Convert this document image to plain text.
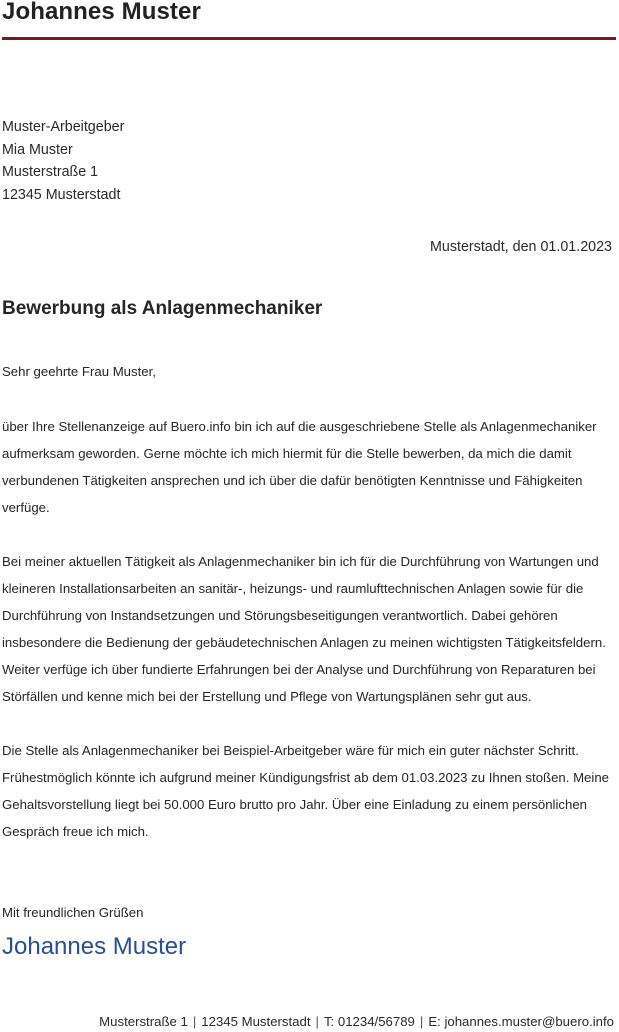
Johannes Muster
Muster-Arbeitgeber
Mia Muster
Musterstraße 1
12345 Musterstadt
Musterstadt, den 01.01.2023
Bewerbung als Anlagenmechaniker
Sehr geehrte Frau Muster,

über Ihre Stellenanzeige auf Buero.info bin ich auf die ausgeschriebene Stelle als Anlagenmechaniker aufmerksam geworden. Gerne möchte ich mich hiermit für die Stelle bewerben, da mich die damit verbundenen Tätigkeiten ansprechen und ich über die dafür benötigten Kenntnisse und Fähigkeiten verfüge.

Bei meiner aktuellen Tätigkeit als Anlagenmechaniker bin ich für die Durchführung von Wartungen und kleineren Installationsarbeiten an sanitär-, heizungs- und raumlufttechnischen Anlagen sowie für die Durchführung von Instandsetzungen und Störungsbeseitigungen verantwortlich. Dabei gehören insbesondere die Bedienung der gebäudetechnischen Anlagen zu meinen wichtigsten Tätigkeitsfeldern. Weiter verfüge ich über fundierte Erfahrungen bei der Analyse und Durchführung von Reparaturen bei Störfällen und kenne mich bei der Erstellung und Pflege von Wartungsplänen sehr gut aus.

Die Stelle als Anlagenmechaniker bei Beispiel-Arbeitgeber wäre für mich ein guter nächster Schritt. Frühestmöglich könnte ich aufgrund meiner Kündigungsfrist ab dem 01.03.2023 zu Ihnen stoßen. Meine Gehaltsvorstellung liegt bei 50.000 Euro brutto pro Jahr. Über eine Einladung zu einem persönlichen Gespräch freue ich mich.

Mit freundlichen Grüßen
Johannes Muster
Musterstraße 1 | 12345 Musterstadt | T: 01234/56789 | E: johannes.muster@buero.info
